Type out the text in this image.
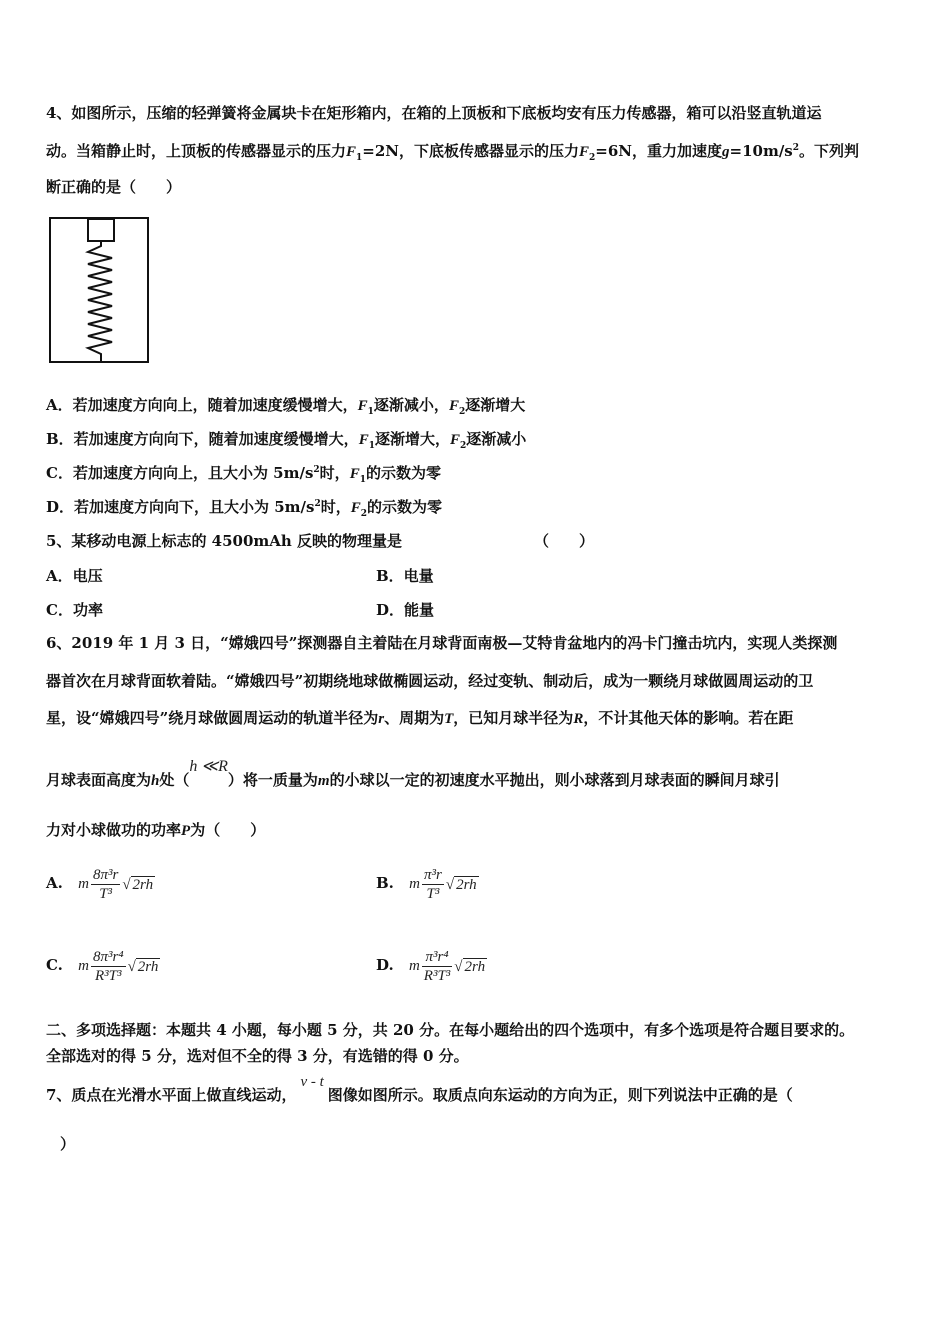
4、如图所示，压缩的轻弹簧将金属块卡在矩形箱内，在箱的上顶板和下底板均安有压力传感器，箱可以沿竖直轨道运
动。当箱静止时，上顶板的传感器显示的压力$F_1=2N$，下底板传感器显示的压力$F_2=6N$，重力加速度$g=10m/s^2$。下列判
断正确的是（　　）
A．若加速度方向向上，随着加速度缓慢增大，$F_1$逐渐减小，$F_2$逐渐增大
B．若加速度方向向下，随着加速度缓慢增大，$F_1$逐渐增大，$F_2$逐渐减小
C．若加速度方向向上，且大小为 $5m/s^2$时，$F_1$的示数为零
D．若加速度方向向下，且大小为 $5m/s^2$时，$F_2$的示数为零
5、某移动电源上标志的 4500mAh 反映的物理量是	（　　）
A．电压	B．电量
C．功率	D．能量
6、2019 年 1 月 3 日，“嫦娥四号”探测器自主着陆在月球背面南极—艾特肯盆地内的冯卡门撞击坑内，实现人类探测
器首次在月球背面软着陆。“嫦娥四号”初期绕地球做椭圆运动，经过变轨、制动后，成为一颗绕月球做圆周运动的卫
星，设“嫦娥四号”绕月球做圆周运动的轨道半径为r、周期为T，已知月球半径为R，不计其他天体的影响。若在距
月球表面高度为h处（h ≪R）将一质量为m的小球以一定的初速度水平抛出，则小球落到月球表面的瞬间月球引
力对小球做功的功率P为（　　）
A. m $\frac{\text{8π³r}}{\text{T³}}$ √ 2rh	B. m $\frac{\text{π³r}}{\text{T³}}$ √ 2rh
C. m $\frac{\text{8π³r⁴}}{\text{R³T³}}$ √ 2rh	D. m $\frac{\text{π³r⁴}}{\text{R³T³}}$ √ 2rh
二、多项选择题：本题共 4 小题，每小题 5 分，共 20 分。在每小题给出的四个选项中，有多个选项是符合题目要求的。
全部选对的得 5 分，选对但不全的得 3 分，有选错的得 0 分。
7、质点在光滑水平面上做直线运动，v - t图像如图所示。取质点向东运动的方向为正，则下列说法中正确的是（
）
